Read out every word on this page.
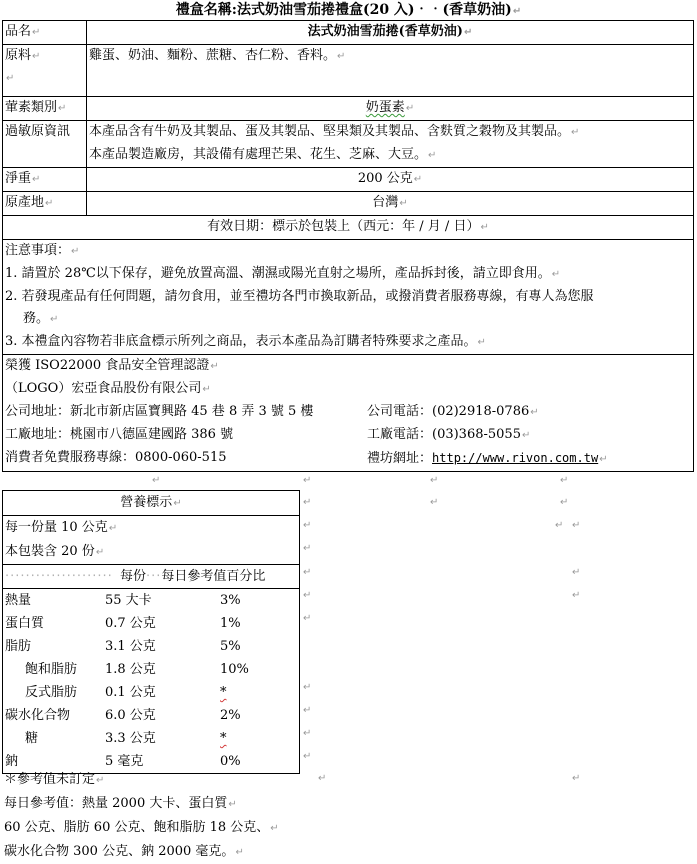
禮盒名稱:法式奶油雪茄捲禮盒(20 入)‧‧(香草奶油)↵
品名↵	法式奶油雪茄捲(香草奶油)↵

原料↵
↵	雞蛋、奶油、麵粉、蔗糖、杏仁粉、香料。↵
葷素類別↵	奶蛋素↵
過敏原資訊	本產品含有牛奶及其製品、蛋及其製品、堅果類及其製品、含麩質之穀物及其製品。↵
本產品製造廠房，其設備有處理芒果、花生、芝麻、大豆。↵

淨重↵	200 公克↵
原產地↵	台灣↵
有效日期：標示於包裝上（西元：年 / 月 / 日）↵	

注意事項：↵
1. 請置於 28℃以下保存，避免放置高溫、潮濕或陽光直射之場所，產品拆封後，請立即食用。↵
2. 若發現產品有任何問題，請勿食用，並至禮坊各門市換取新品，或撥消費者服務專線，有專人為您服
務。↵
3. 本禮盒內容物若非底盒標示所列之商品，表示本產品為訂購者特殊要求之產品。↵	

榮獲 ISO22000 食品安全管理認證↵
（LOGO）宏亞食品股份有限公司↵
公司地址：新北市新店區寶興路 45 巷 8 弄 3 號 5 樓	公司電話：(02)2918-0786↵
工廠地址：桃園市八德區建國路 386 號	工廠電話：(03)368-5055↵
消費者免費服務專線：0800-060-515	禮坊網址：http://www.rivon.com.tw↵
營養標示↵

每一份量 10 公克↵
本包裝含 20 份↵

‧‧‧‧‧‧‧‧‧‧‧‧‧‧‧‧‧‧‧‧‧ 每份 ‧‧‧ 每日參考值百分比

熱量	55 大卡	3%
蛋白質	0.7 公克	1%
脂肪	3.1 公克	5%
飽和脂肪	1.8 公克	10%
反式脂肪	0.1 公克	*
碳水化合物	6.0 公克	2%
糖	3.3 公克	*
鈉	5 毫克	0%
＊參考值未訂定↵
每日參考值：熱量 2000 大卡、蛋白質↵
60 公克、脂肪 60 公克、飽和脂肪 18 公克、↵
碳水化合物 300 公克、鈉 2000 毫克。↵
↵	↵	↵	↵
↵	↵	↵
↵	↵ ↵
↵
↵
↵
↵
↵
↵
↵
↵
↵
↵
↵	↵
